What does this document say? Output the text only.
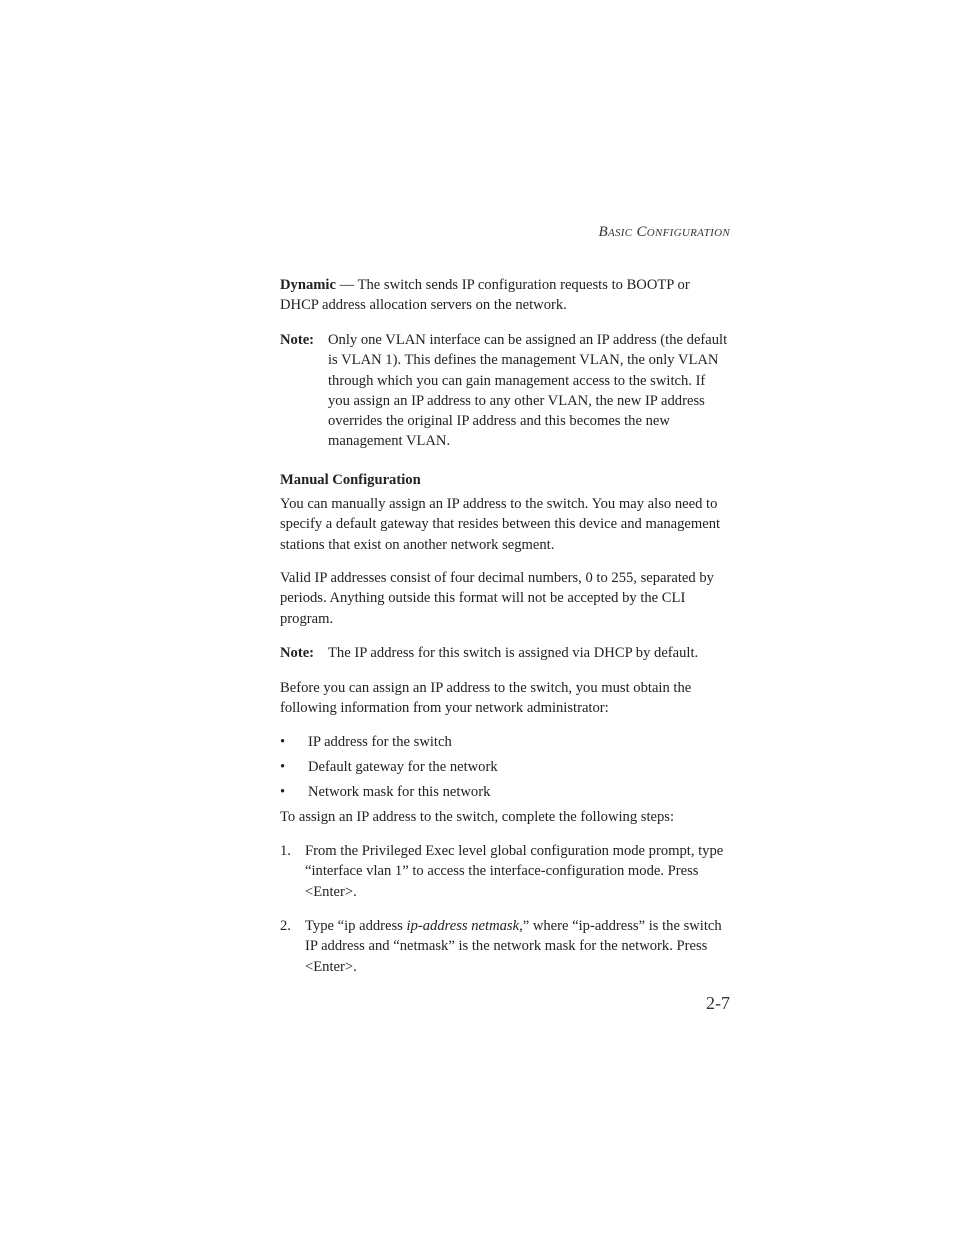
Basic Configuration
Dynamic — The switch sends IP configuration requests to BOOTP or DHCP address allocation servers on the network.
Note: Only one VLAN interface can be assigned an IP address (the default is VLAN 1). This defines the management VLAN, the only VLAN through which you can gain management access to the switch. If you assign an IP address to any other VLAN, the new IP address overrides the original IP address and this becomes the new management VLAN.
Manual Configuration
You can manually assign an IP address to the switch. You may also need to specify a default gateway that resides between this device and management stations that exist on another network segment.
Valid IP addresses consist of four decimal numbers, 0 to 255, separated by periods. Anything outside this format will not be accepted by the CLI program.
Note: The IP address for this switch is assigned via DHCP by default.
Before you can assign an IP address to the switch, you must obtain the following information from your network administrator:
• IP address for the switch
• Default gateway for the network
• Network mask for this network
To assign an IP address to the switch, complete the following steps:
1. From the Privileged Exec level global configuration mode prompt, type “interface vlan 1” to access the interface-configuration mode. Press <Enter>.
2. Type “ip address ip-address netmask,” where “ip-address” is the switch IP address and “netmask” is the network mask for the network. Press <Enter>.
2-7
